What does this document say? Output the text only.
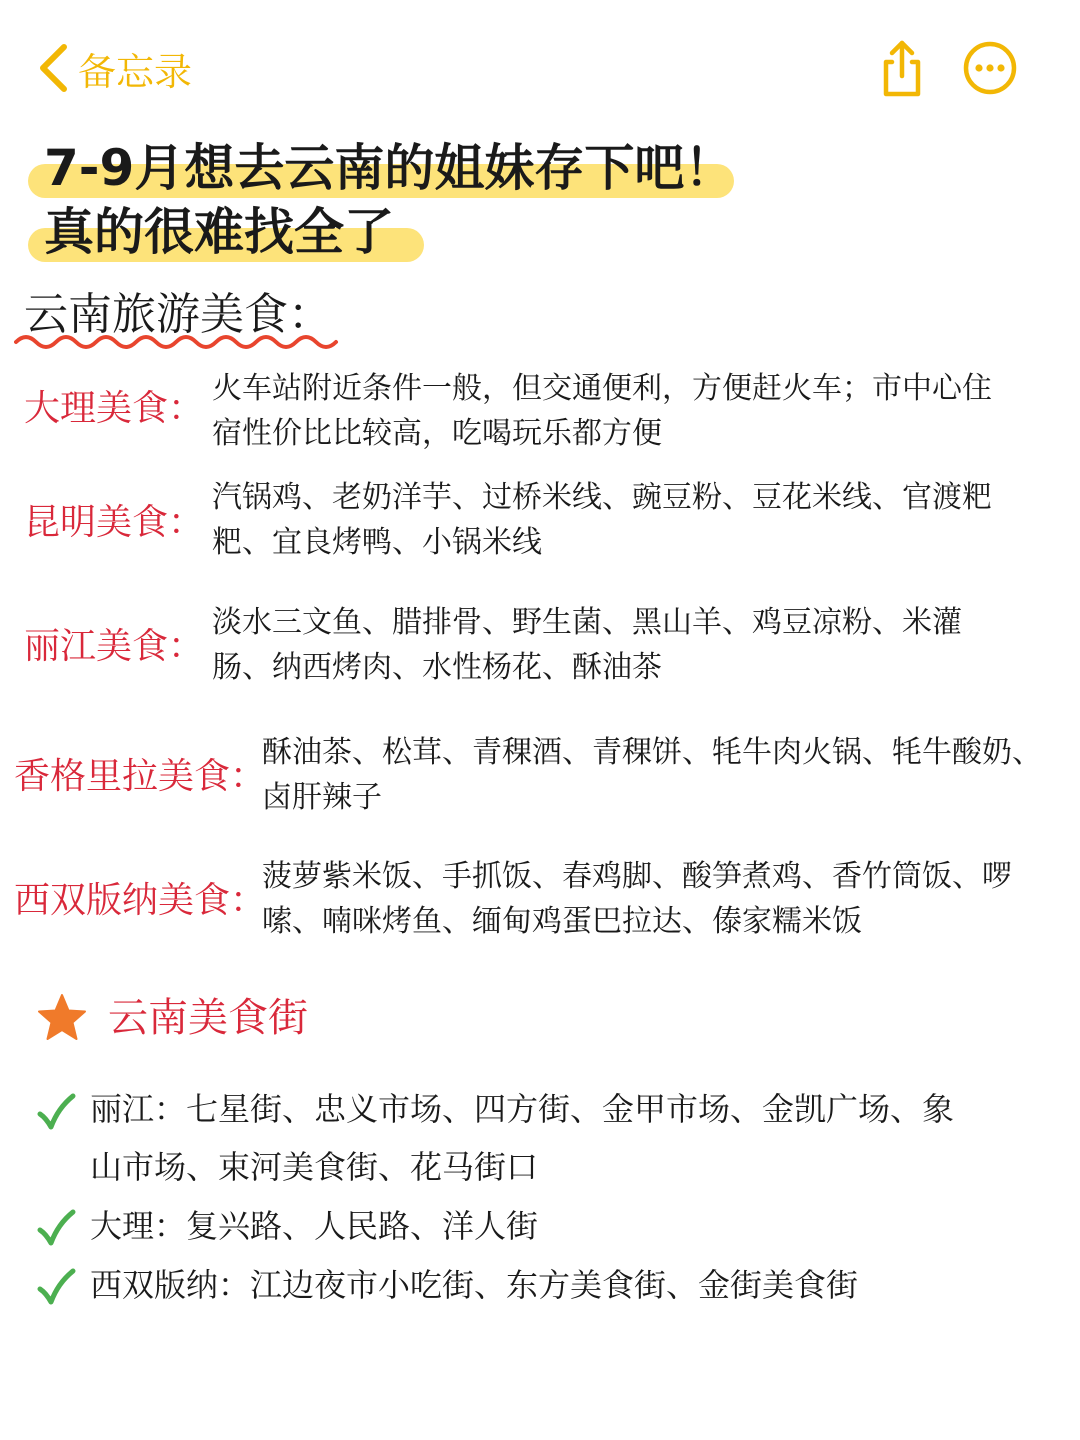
备忘录
7-9月想去云南的姐妹存下吧！
真的很难找全了
云南旅游美食：
大理美食： 火车站附近条件一般，但交通便利，方便赶火车；市中心住宿性价比比较高，吃喝玩乐都方便
昆明美食：
汽锅鸡、老奶洋芋、过桥米线、豌豆粉、豆花米线、官渡粑粑、宜良烤鸭、小锅米线
丽江美食：
淡水三文鱼、腊排骨、野生菌、黑山羊、鸡豆凉粉、米灌肠、纳西烤肉、水性杨花、酥油茶
香格里拉美食：
酥油茶、松茸、青稞酒、青稞饼、牦牛肉火锅、牦牛酸奶、卤肝辣子
西双版纳美食：
菠萝紫米饭、手抓饭、春鸡脚、酸笋煮鸡、香竹筒饭、啰嗦、喃咪烤鱼、缅甸鸡蛋巴拉达、傣家糯米饭
云南美食街
丽江：七星街、忠义市场、四方街、金甲市场、金凯广场、象山市场、束河美食街、花马街口
大理：复兴路、人民路、洋人街
西双版纳：江边夜市小吃街、东方美食街、金街美食街
